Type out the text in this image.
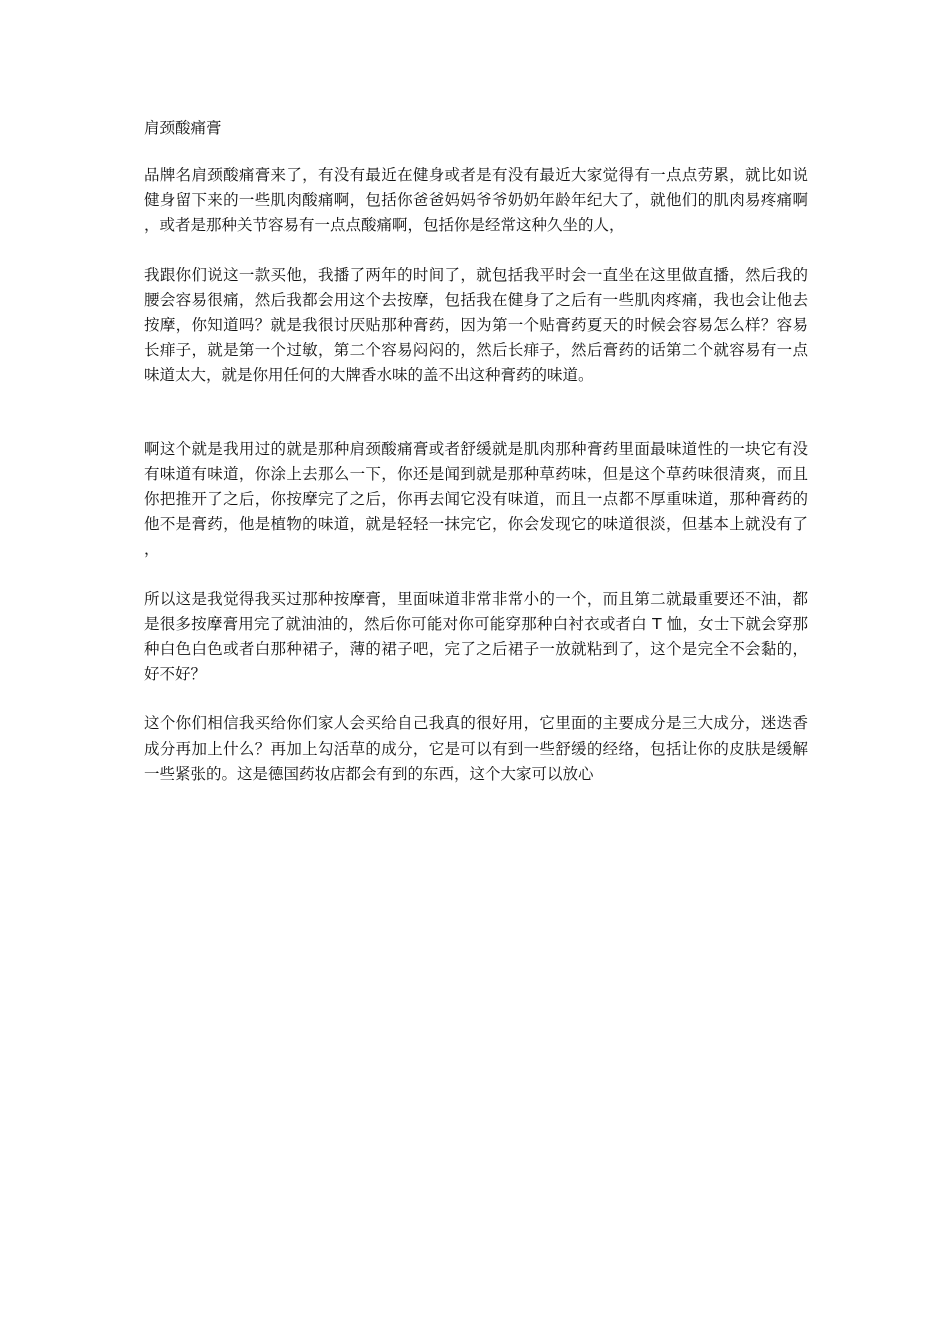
肩颈酸痛膏

品牌名肩颈酸痛膏来了，有没有最近在健身或者是有没有最近大家觉得有一点点劳累，就比如说健身留下来的一些肌肉酸痛啊，包括你爸爸妈妈爷爷奶奶年龄年纪大了，就他们的肌肉易疼痛啊，或者是那种关节容易有一点点酸痛啊，包括你是经常这种久坐的人，

我跟你们说这一款买他，我播了两年的时间了，就包括我平时会一直坐在这里做直播，然后我的腰会容易很痛，然后我都会用这个去按摩，包括我在健身了之后有一些肌肉疼痛，我也会让他去按摩，你知道吗？就是我很讨厌贴那种膏药，因为第一个贴膏药夏天的时候会容易怎么样？容易长痱子，就是第一个过敏，第二个容易闷闷的，然后长痱子，然后膏药的话第二个就容易有一点味道太大，就是你用任何的大牌香水味的盖不出这种膏药的味道。

啊这个就是我用过的就是那种肩颈酸痛膏或者舒缓就是肌肉那种膏药里面最味道性的一块它有没有味道有味道，你涂上去那么一下，你还是闻到就是那种草药味，但是这个草药味很清爽，而且你把推开了之后，你按摩完了之后，你再去闻它没有味道，而且一点都不厚重味道，那种膏药的他不是膏药，他是植物的味道，就是轻轻一抹完它，你会发现它的味道很淡，但基本上就没有了，

所以这是我觉得我买过那种按摩膏，里面味道非常非常小的一个，而且第二就最重要还不油，都是很多按摩膏用完了就油油的，然后你可能对你可能穿那种白衬衣或者白 T 恤，女士下就会穿那种白色白色或者白那种裙子，薄的裙子吧，完了之后裙子一放就粘到了，这个是完全不会黏的，好不好？

这个你们相信我买给你们家人会买给自己我真的很好用，它里面的主要成分是三大成分，迷迭香成分再加上什么？再加上勾活草的成分，它是可以有到一些舒缓的经络，包括让你的皮肤是缓解一些紧张的。这是德国药妆店都会有到的东西，这个大家可以放心
